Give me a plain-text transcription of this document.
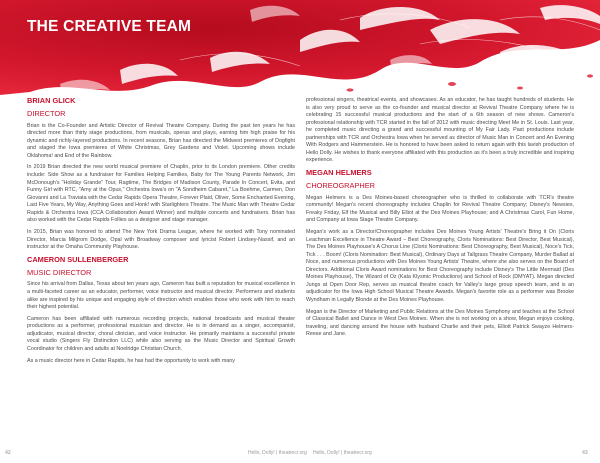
THE CREATIVE TEAM

BRIAN GLICK

DIRECTOR

Brian is the Co-Founder and Artistic Director of Revival Theatre Company. During the past ten years he has directed more than thirty stage productions, from musicals, operas and plays, earning him high praise for his dynamic and richly-layered productions. In recent seasons, Brian has directed the Midwest premieres of Dogfight and staged the Iowa premieres of White Christmas, Grey Gardens and Violet. Upcoming shows include Oklahoma! and End of the Rainbow.

In 2019 Brian directed the new world musical premiere of Chaplin, prior to its London premiere. Other credits include: Side Show as a fundraiser for Families Helping Families, Baby for The Young Parents Network, Jim McDonough's "Holiday Grande" Tour, Ragtime, The Bridges of Madison County, Parade In Concert, Evita, and Funny Girl with RTC, "Amy at the Opus," Orchestra Iowa's on "A Sondheim Cabaret," La Boehme, Carmen, Don Giovanni and La Traviata with the Cedar Rapids Opera Theatre, Forever Plaid, Oliver, Some Enchanted Evening, Last Five Years, My Way, Anything Goes and Honk! with Starlighters Theatre. The Music Man with Theatre Cedar Rapids & Orchestra Iowa (CCA Collaboration Award Winner) and multiple concerts and fundraisers. Brian has also worked with the Cedar Rapids Follies as a designer and stage manager.

In 2015, Brian was honored to attend The New York Drama League, where he worked with Tony nominated Director, Marcia Milgrom Dodge, Opal with Broadway composer and lyricist Robert Lindsey-Nassif, and an instructor at the Omaha Community Playhouse.

CAMERON SULLENBERGER

MUSIC DIRECTOR

Since his arrival from Dallas, Texas about ten years ago, Cameron has built a reputation for musical excellence in a multi-faceted career as an educator, performer, voice instructor and musical director. Performers and students alike are inspired by his unique and engaging style of direction which enables those who work with him to reach their highest potential.

Cameron has been affiliated with numerous recording projects, national broadcasts and musical theater productions as a performer, professional musician and director. He is in demand as a singer, accompanist, adjudicator, musical director, choral clinician, and voice instructor. He primarily maintains a successful private vocal studio (Singers Fly Distinction LLC) while also serving as the Music Director and Spiritual Growth Coordinator for children and adults at Noelridge Christian Church.

As a music director here in Cedar Rapids, he has had the opportunity to work with many

professional singers, theatrical events, and showcases. As an educator, he has taught hundreds of students. He is also very proud to serve as the co-founder and musical director at Revival Theatre Company where he is celebrating 15 successful musical productions and the start of a 6th season of new shows. Cameron's professional relationship with TCR started in the fall of 2012 with music directing Meet Me in St. Louis. Last year, he completed music directing a grand and successful mounting of My Fair Lady. Past productions include partnerships with TCR and Orchestra Iowa when he served as director of Music Man in Concert and An Evening With Rodgers and Hammerstein. He is honored to have been asked to return again with this lavish production of Hello Dolly. He wishes to thank everyone affiliated with this production as it's been a truly incredible and inspiring experience.

MEGAN HELMERS

CHOREOGRAPHER

Megan Helmers is a Des Moines-based choreographer who is thrilled to collaborate with TCR's theatre community! Megan's recent choreography includes Chaplin for Revival Theatre Company; Disney's Newsies, Freaky Friday, Elf the Musical and Billy Elliot at the Des Moines Playhouse; and A Christmas Carol, Fun Home, and Company at Iowa Stage Theatre Company.

Megan's work as a Director/Choreographer includes Des Moines Young Artists' Theatre's Bring it On (Cloris Leachman Excellence in Theatre Award – Best Choreography, Cloris Nominations: Best Director, Best Musical), The Des Moines Playhouse's A Chorus Line (Cloris Nominations: Best Choreography, Best Musical), Noce's Tick, Tick . . . Boom! (Cloris Nomination: Best Musical), Ordinary Days at Tallgrass Theatre Company, Murder Ballad at Noce, and numerous productions with Des Moines Young Artists' Theatre, where she also serves on the Board of Directors. Additional Cloris Award nominations for Best Choreography include Disney's The Little Mermaid (Des Moines Playhouse), The Wizard of Oz (Kata Klysmic Productions) and School of Rock (DMYAT). Megan directed Jungs at Open Door Rep, serves as musical theatre coach for Valley's large group speech team, and is an adjudicator for the Iowa High School Musical Theatre Awards. Megan's favorite role as a performer was Brooke Wyndham in Legally Blonde at the Des Moines Playhouse.

Megan is the Director of Marketing and Public Relations at the Des Moines Symphony and teaches at the School of Classical Ballet and Dance in West Des Moines. When she is not working on a show, Megan enjoys cooking, traveling, and dancing around the house with husband Charlie and their pets, Elliott Patrick Swayze Helmers-Reese and Jane.

42	Hello, Dolly! | theatrecr.org Hello, Dolly! | theatrecr.org	43
